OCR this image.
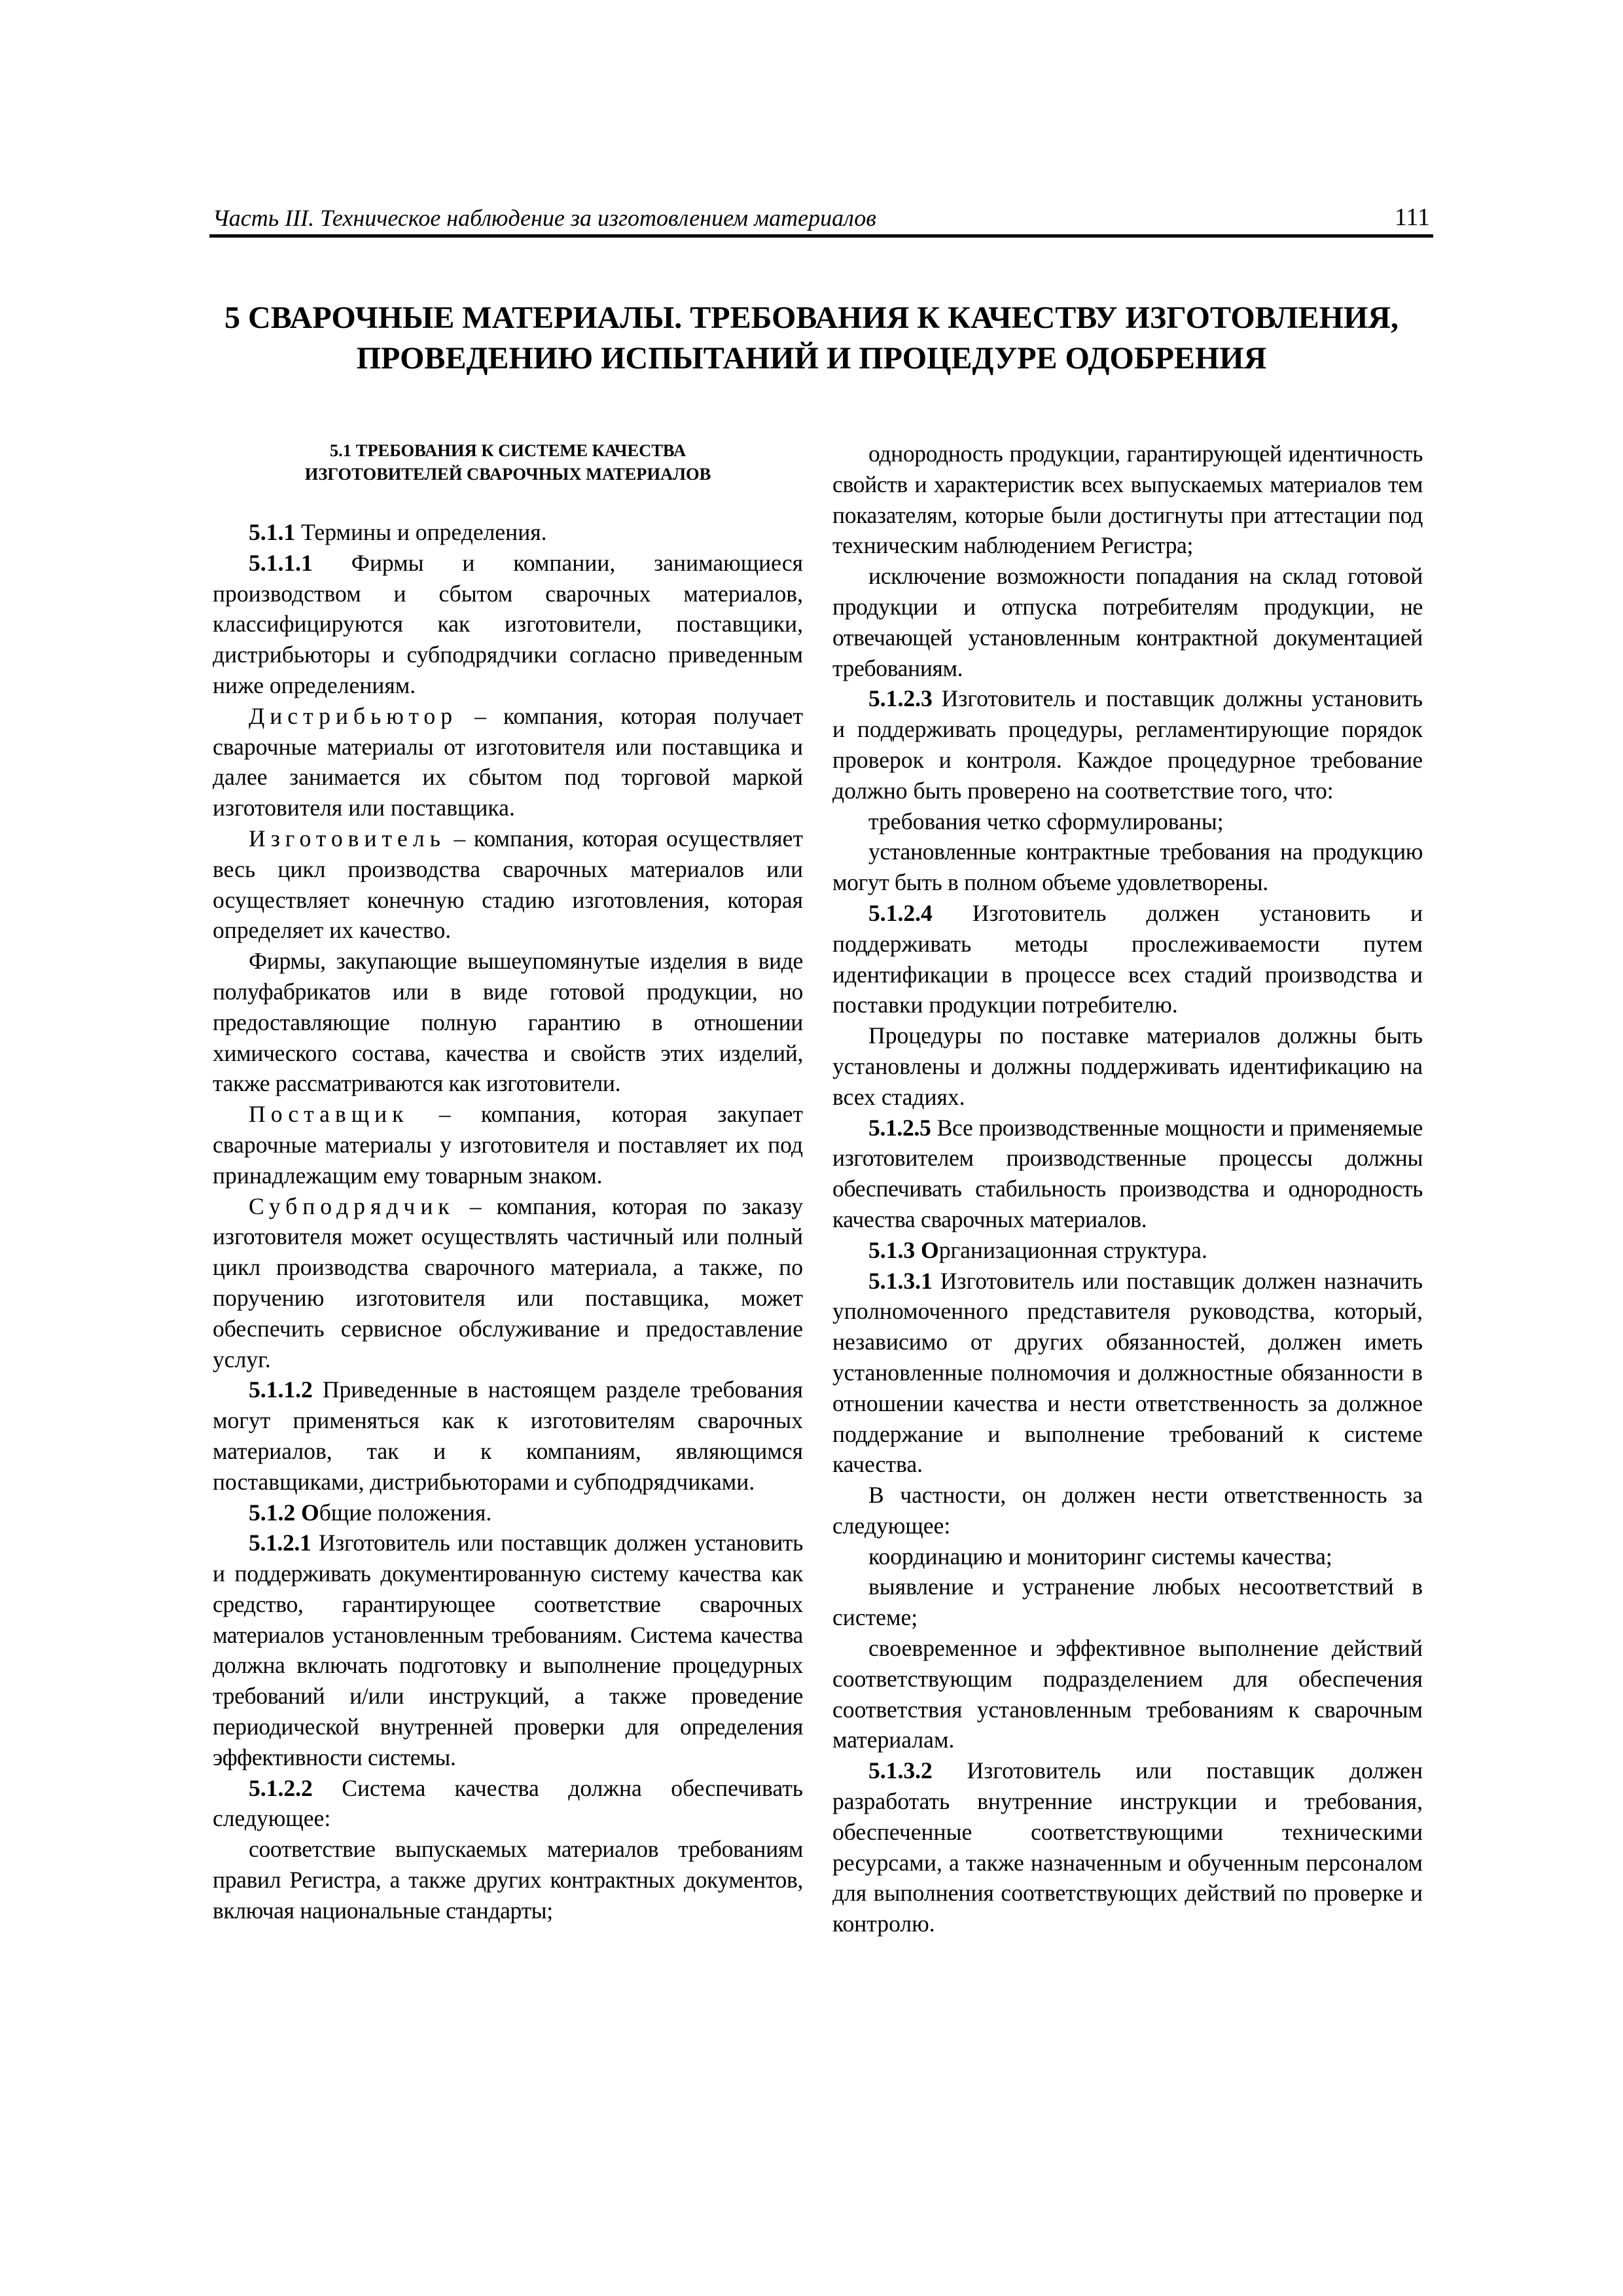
Часть III. Техническое наблюдение за изготовлением материалов	111
5 СВАРОЧНЫЕ МАТЕРИАЛЫ. ТРЕБОВАНИЯ К КАЧЕСТВУ ИЗГОТОВЛЕНИЯ,
ПРОВЕДЕНИЮ ИСПЫТАНИЙ И ПРОЦЕДУРЕ ОДОБРЕНИЯ
5.1 ТРЕБОВАНИЯ К СИСТЕМЕ КАЧЕСТВА
ИЗГОТОВИТЕЛЕЙ СВАРОЧНЫХ МАТЕРИАЛОВ

5.1.1 Термины и определения.

5.1.1.1 Фирмы и компании, занимающиеся производством и сбытом сварочных материалов, классифицируются как изготовители, поставщики, дистрибьюторы и субподрядчики согласно приведенным ниже определениям.

Дистрибьютор – компания, которая получает сварочные материалы от изготовителя или поставщика и далее занимается их сбытом под торговой маркой изготовителя или поставщика.

Изготовитель – компания, которая осуществляет весь цикл производства сварочных материалов или осуществляет конечную стадию изготовления, которая определяет их качество.

Фирмы, закупающие вышеупомянутые изделия в виде полуфабрикатов или в виде готовой продукции, но предоставляющие полную гарантию в отношении химического состава, качества и свойств этих изделий, также рассматриваются как изготовители.

Поставщик – компания, которая закупает сварочные материалы у изготовителя и поставляет их под принадлежащим ему товарным знаком.

Субподрядчик – компания, которая по заказу изготовителя может осуществлять частичный или полный цикл производства сварочного материала, а также, по поручению изготовителя или поставщика, может обеспечить сервисное обслуживание и предоставление услуг.

5.1.1.2 Приведенные в настоящем разделе требования могут применяться как к изготовителям сварочных материалов, так и к компаниям, являющимся поставщиками, дистрибьюторами и субподрядчиками.

5.1.2 Общие положения.

5.1.2.1 Изготовитель или поставщик должен установить и поддерживать документированную систему качества как средство, гарантирующее соответствие сварочных материалов установленным требованиям. Система качества должна включать подготовку и выполнение процедурных требований и/или инструкций, а также проведение периодической внутренней проверки для определения эффективности системы.

5.1.2.2 Система качества должна обеспечивать следующее:

соответствие выпускаемых материалов требованиям правил Регистра, а также других контрактных документов, включая национальные стандарты;

однородность продукции, гарантирующей идентичность свойств и характеристик всех выпускаемых материалов тем показателям, которые были достигнуты при аттестации под техническим наблюдением Регистра;

исключение возможности попадания на склад готовой продукции и отпуска потребителям продукции, не отвечающей установленным контрактной документацией требованиям.

5.1.2.3 Изготовитель и поставщик должны установить и поддерживать процедуры, регламентирующие порядок проверок и контроля. Каждое процедурное требование должно быть проверено на соответствие того, что:

требования четко сформулированы;

установленные контрактные требования на продукцию могут быть в полном объеме удовлетворены.

5.1.2.4 Изготовитель должен установить и поддерживать методы прослеживаемости путем идентификации в процессе всех стадий производства и поставки продукции потребителю.

Процедуры по поставке материалов должны быть установлены и должны поддерживать идентификацию на всех стадиях.

5.1.2.5 Все производственные мощности и применяемые изготовителем производственные процессы должны обеспечивать стабильность производства и однородность качества сварочных материалов.

5.1.3 Организационная структура.

5.1.3.1 Изготовитель или поставщик должен назначить уполномоченного представителя руководства, который, независимо от других обязанностей, должен иметь установленные полномочия и должностные обязанности в отношении качества и нести ответственность за должное поддержание и выполнение требований к системе качества.

В частности, он должен нести ответственность за следующее:

координацию и мониторинг системы качества;

выявление и устранение любых несоответствий в системе;

своевременное и эффективное выполнение действий соответствующим подразделением для обеспечения соответствия установленным требованиям к сварочным материалам.

5.1.3.2 Изготовитель или поставщик должен разработать внутренние инструкции и требования, обеспеченные соответствующими техническими ресурсами, а также назначенным и обученным персоналом для выполнения соответствующих действий по проверке и контролю.
